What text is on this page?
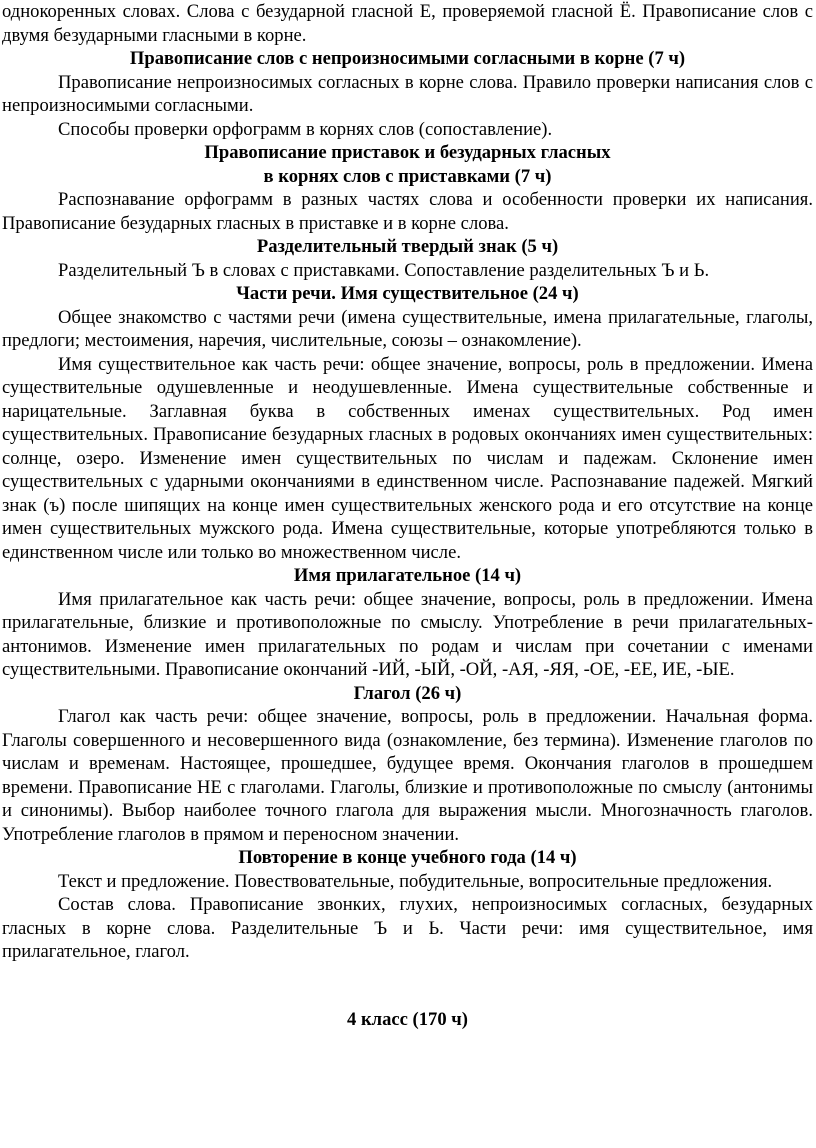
однокоренных словах. Слова с безударной гласной Е, проверяемой гласной Ё. Правописание слов с двумя безударными гласными в корне.

Правописание слов с непроизносимыми согласными в корне (7 ч)

Правописание непроизносимых согласных в корне слова. Правило проверки написания слов с непроизносимыми согласными.

Способы проверки орфограмм в корнях слов (сопоставление).

Правописание приставок и безударных гласных

в корнях слов с приставками (7 ч)

Распознавание орфограмм в разных частях слова и особенности проверки их написания. Правописание безударных гласных в приставке и в корне слова.

Разделительный твердый знак (5 ч)

Разделительный Ъ в словах с приставками. Сопоставление разделительных Ъ и Ь.

Части речи. Имя существительное (24 ч)

Общее знакомство с частями речи (имена существительные, имена прилагательные, глаголы, предлоги; местоимения, наречия, числительные, союзы – ознакомление).

Имя существительное как часть речи: общее значение, вопросы, роль в предложении. Имена существительные одушевленные и неодушевленные. Имена существительные собственные и нарицательные. Заглавная буква в собственных именах существительных. Род имен существительных. Правописание безударных гласных в родовых окончаниях имен существительных: солнце, озеро. Изменение имен существительных по числам и падежам. Склонение имен существительных с ударными окончаниями в единственном числе. Распознавание падежей. Мягкий знак (ъ) после шипящих на конце имен существительных женского рода и его отсутствие на конце имен существительных мужского рода. Имена существительные, которые употребляются только в единственном числе или только во множественном числе.

Имя прилагательное (14 ч)

Имя прилагательное как часть речи: общее значение, вопросы, роль в предложении. Имена прилагательные, близкие и противоположные по смыслу. Употребление в речи прилагательных-антонимов. Изменение имен прилагательных по родам и числам при сочетании с именами существительными. Правописание окончаний -ИЙ, -ЫЙ, -ОЙ, -АЯ, -ЯЯ, -ОЕ, -ЕЕ, ИЕ, -ЫЕ.

Глагол (26 ч)

Глагол как часть речи: общее значение, вопросы, роль в предложении. Начальная форма. Глаголы совершенного и несовершенного вида (ознакомление, без термина). Изменение глаголов по числам и временам. Настоящее, прошедшее, будущее время. Окончания глаголов в прошедшем времени. Правописание НЕ с глаголами. Глаголы, близкие и противоположные по смыслу (антонимы и синонимы). Выбор наиболее точного глагола для выражения мысли. Многозначность глаголов. Употребление глаголов в прямом и переносном значении.

Повторение в конце учебного года (14 ч)

Текст и предложение. Повествовательные, побудительные, вопросительные предложения.

Состав слова. Правописание звонких, глухих, непроизносимых согласных, безударных гласных в корне слова. Разделительные Ъ и Ь. Части речи: имя существительное, имя прилагательное, глагол.

4 класс (170 ч)
